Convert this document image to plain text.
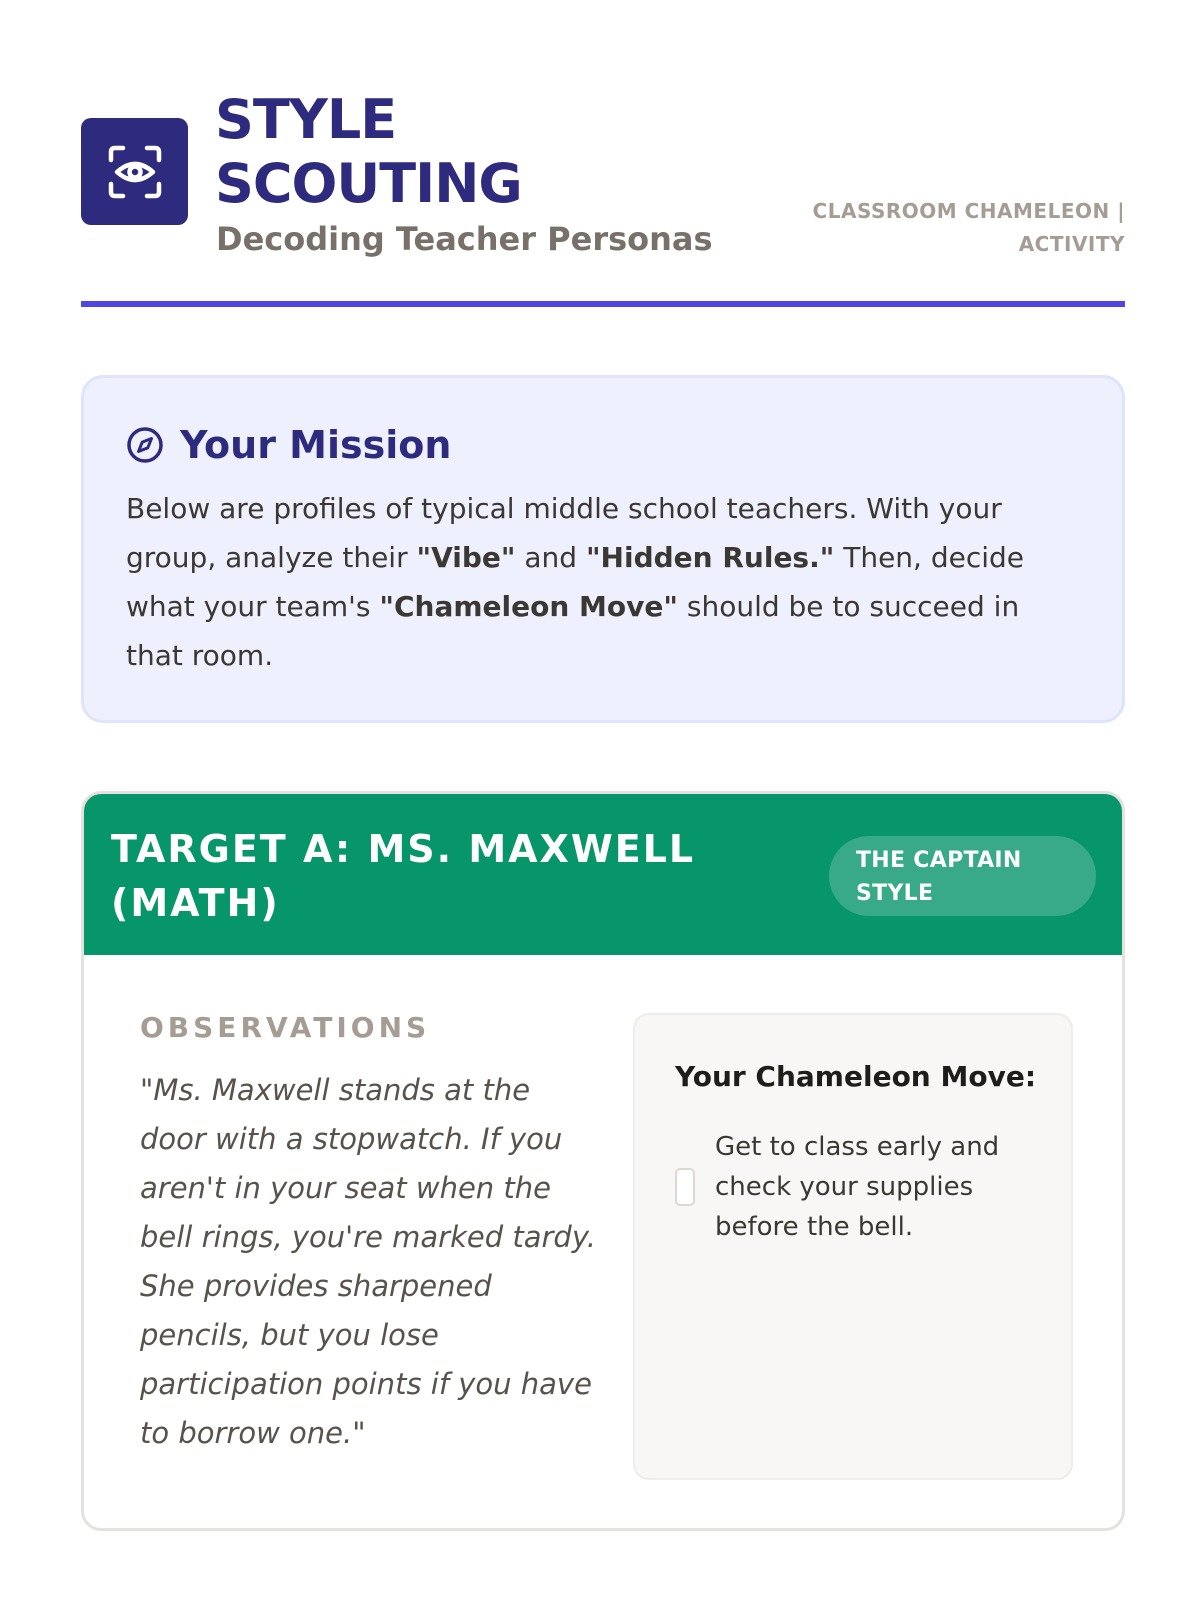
STYLE SCOUTING
Decoding Teacher Personas
CLASSROOM CHAMELEON | ACTIVITY
Your Mission

Below are profiles of typical middle school teachers. With your group, analyze their "Vibe" and "Hidden Rules." Then, decide what your team's "Chameleon Move" should be to succeed in that room.

TARGET A: MS. MAXWELL (MATH)
THE CAPTAIN STYLE
OBSERVATIONS
"Ms. Maxwell stands at the door with a stopwatch. If you aren't in your seat when the bell rings, you're marked tardy. She provides sharpened pencils, but you lose participation points if you have to borrow one."
Your Chameleon Move:
Get to class early and check your supplies before the bell.
